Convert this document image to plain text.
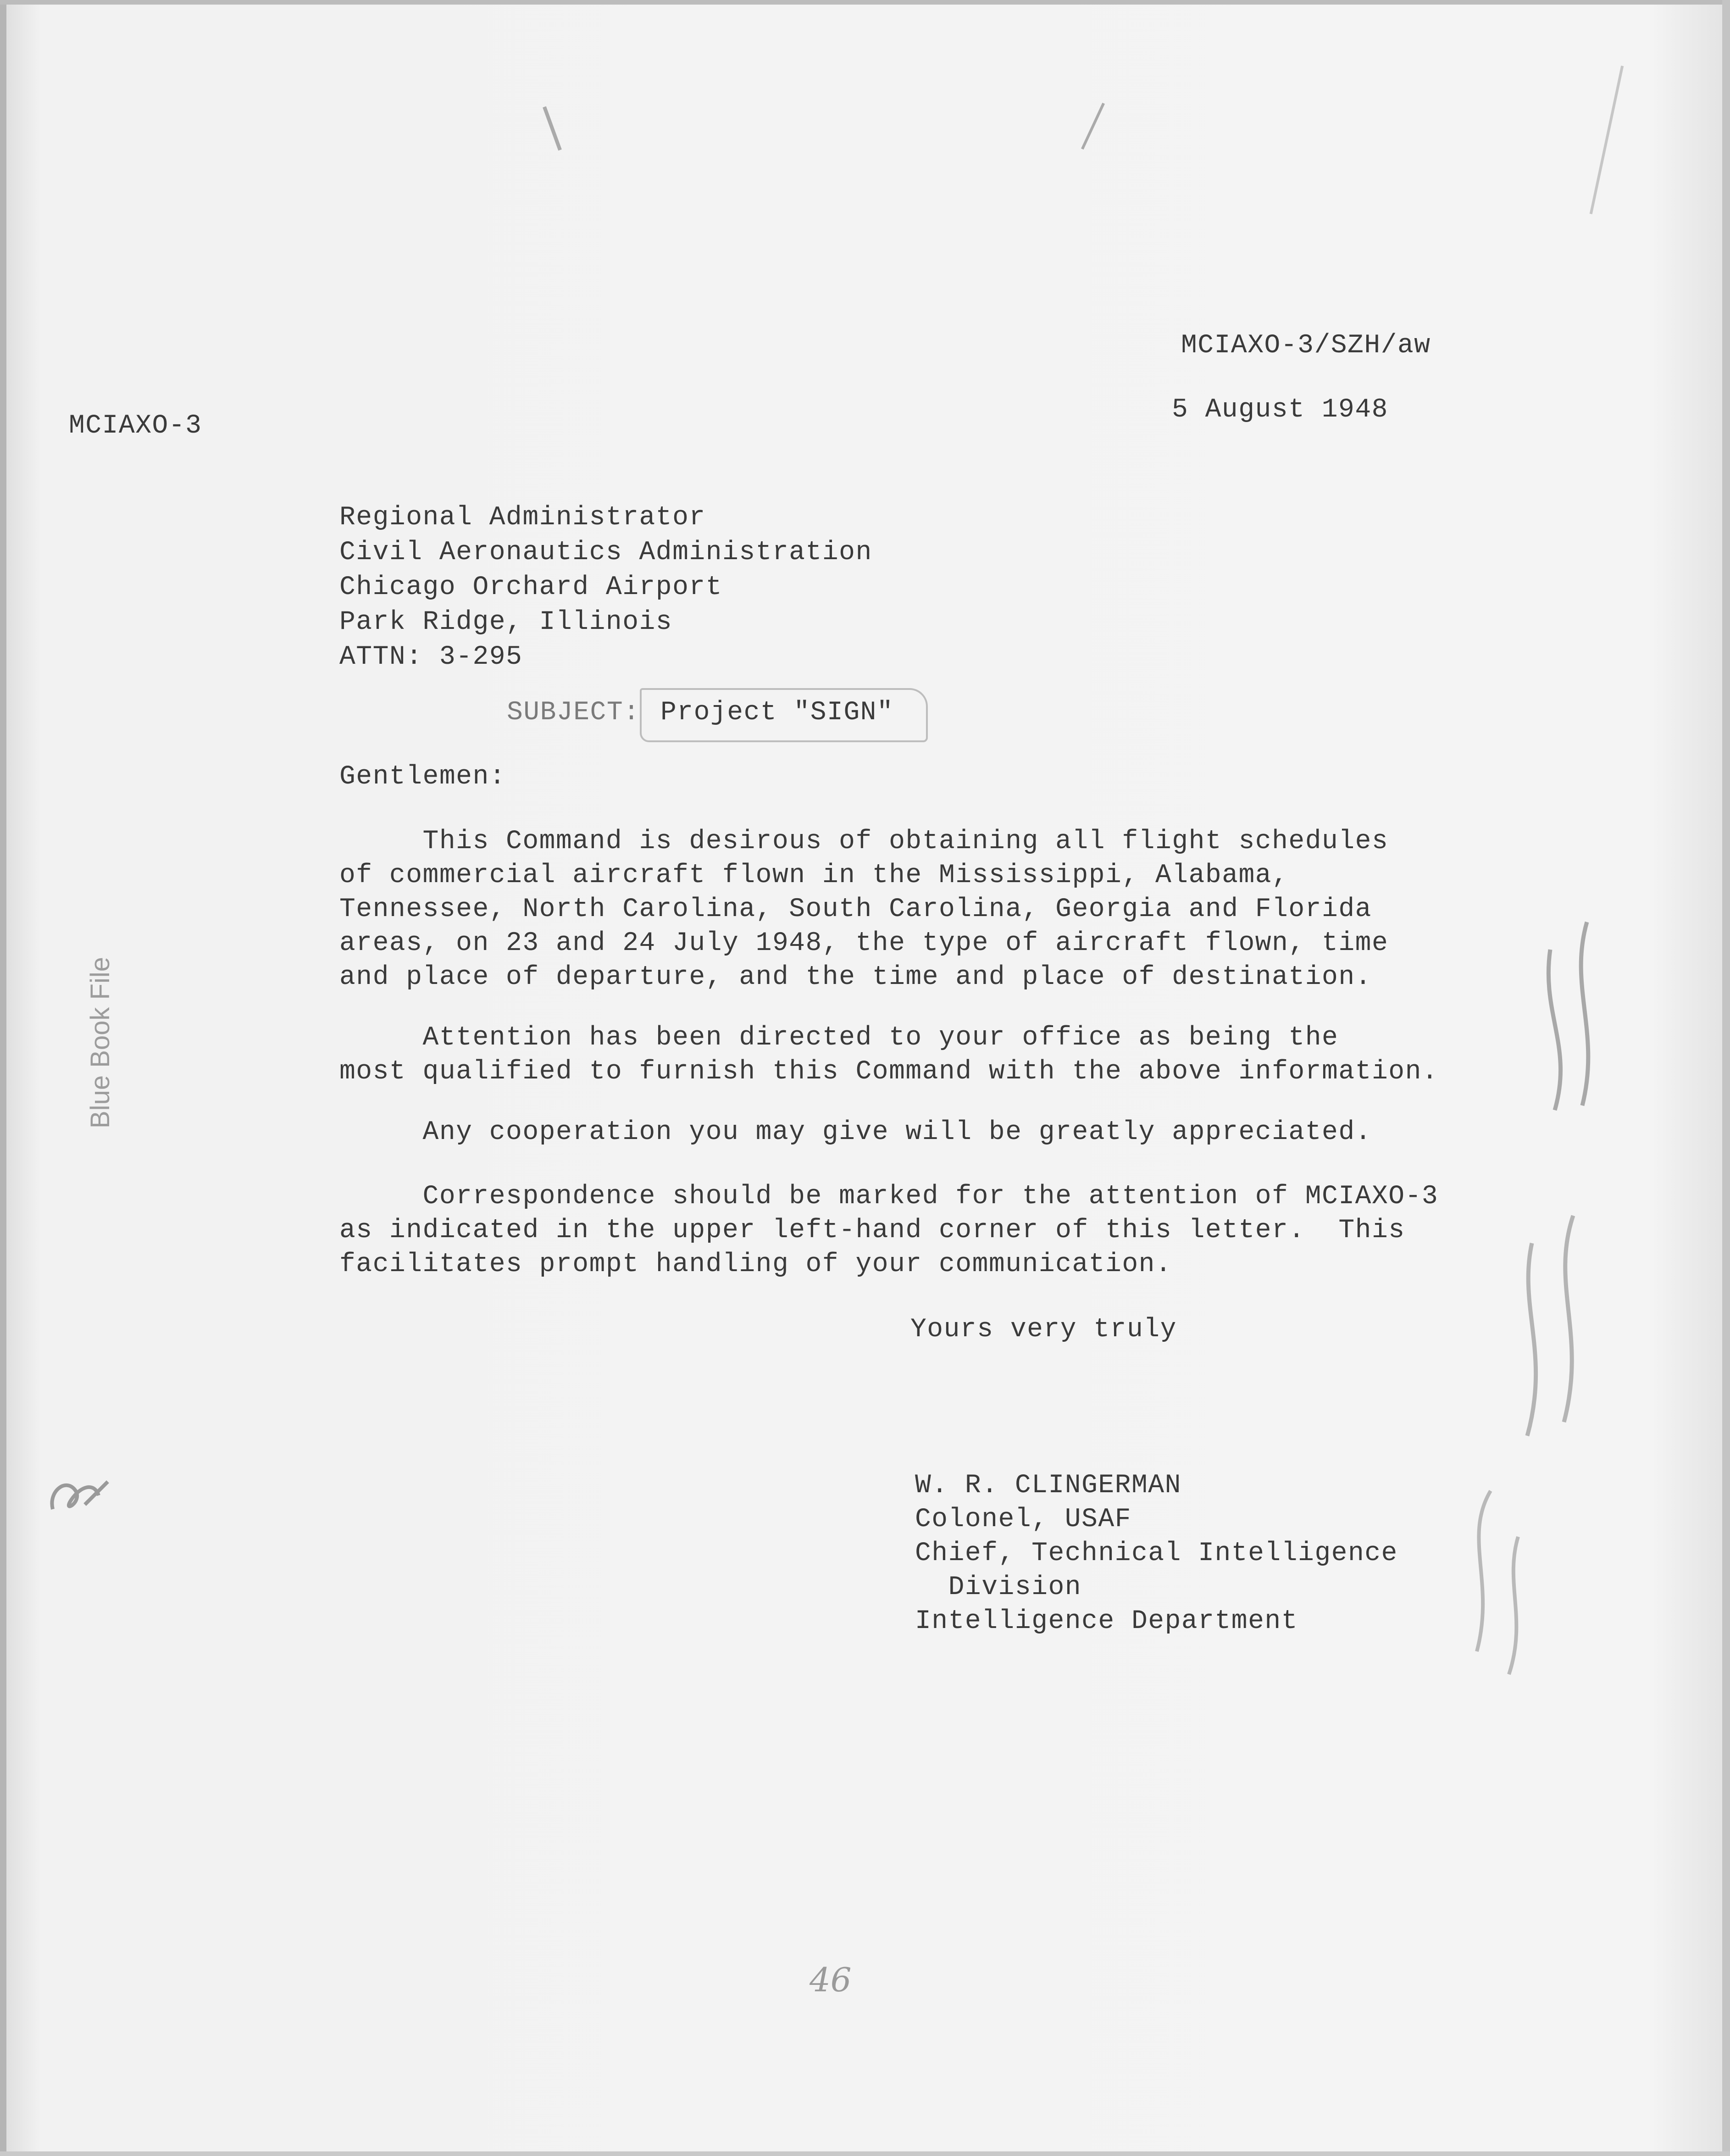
MCIAXO-3/SZH/aw
5 August 1948
MCIAXO-3
Regional Administrator
Civil Aeronautics Administration
Chicago Orchard Airport
Park Ridge, Illinois
ATTN: 3-295
SUBJECT: Project "SIGN"
Gentlemen:
This Command is desirous of obtaining all flight schedules
of commercial aircraft flown in the Mississippi, Alabama,
Tennessee, North Carolina, South Carolina, Georgia and Florida
areas, on 23 and 24 July 1948, the type of aircraft flown, time
and place of departure, and the time and place of destination.
Attention has been directed to your office as being the
most qualified to furnish this Command with the above information.
Any cooperation you may give will be greatly appreciated.
Correspondence should be marked for the attention of MCIAXO-3
as indicated in the upper left-hand corner of this letter.  This
facilitates prompt handling of your communication.
Yours very truly
W. R. CLINGERMAN
Colonel, USAF
Chief, Technical Intelligence
Division
Intelligence Department
46
Blue Book File
